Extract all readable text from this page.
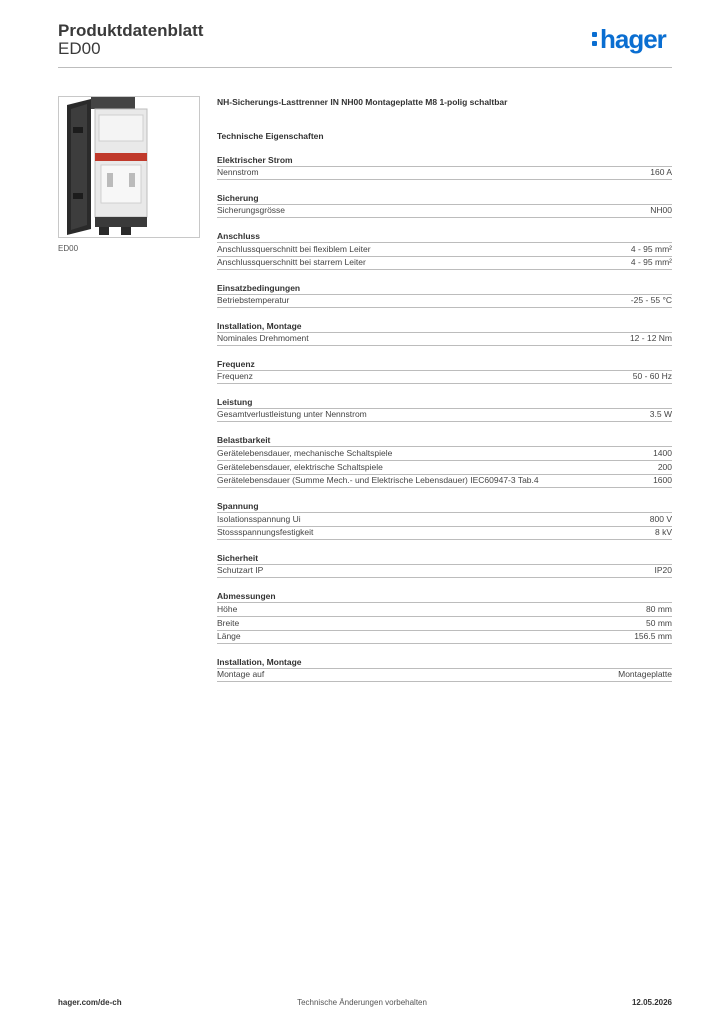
Produktdatenblatt
ED00	hager
ED00
NH-Sicherungs-Lasttrenner IN NH00 Montageplatte M8 1-polig schaltbar
Technische Eigenschaften
Elektrischer Strom
Nennstrom	160 A
Sicherung
Sicherungsgrösse	NH00
Anschluss
Anschlussquerschnitt bei flexiblem Leiter	4 - 95 mm²
Anschlussquerschnitt bei starrem Leiter	4 - 95 mm²
Einsatzbedingungen
Betriebstemperatur	-25 - 55 °C
Installation, Montage
Nominales Drehmoment	12 - 12 Nm
Frequenz
Frequenz	50 - 60 Hz
Leistung
Gesamtverlustleistung unter Nennstrom	3.5 W
Belastbarkeit
Gerätelebensdauer, mechanische Schaltspiele	1400
Gerätelebensdauer, elektrische Schaltspiele	200
Gerätelebensdauer (Summe Mech.- und Elektrische Lebensdauer) IEC60947-3 Tab.4	1600
Spannung
Isolationsspannung Ui	800 V
Stossspannungsfestigkeit	8 kV
Sicherheit
Schutzart IP	IP20
Abmessungen
Höhe	80 mm
Breite	50 mm
Länge	156.5 mm
Installation, Montage
Montage auf	Montageplatte
hager.com/de-ch	Technische Änderungen vorbehalten	12.05.2026
